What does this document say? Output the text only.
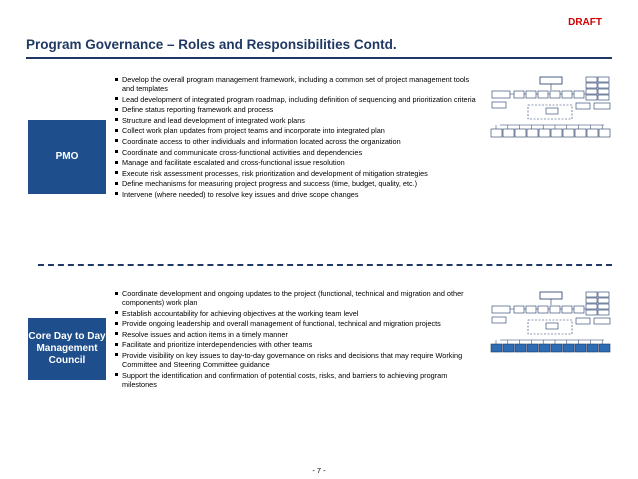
DRAFT
Program Governance – Roles and Responsibilities Contd.
PMO
Develop the overall program management framework, including a common set of project management tools and templates
Lead development of integrated program roadmap, including definition of sequencing and prioritization criteria
Define status reporting framework and process
Structure and lead development of integrated work plans
Collect work plan updates from project teams and incorporate into integrated plan
Coordinate access to other individuals and information located across the organization
Coordinate and communicate cross-functional activities and dependencies
Manage and facilitate escalated and cross-functional issue resolution
Execute risk assessment processes, risk prioritization and development of mitigation strategies
Define mechanisms for measuring project progress and success (time, budget, quality, etc.)
Intervene (where needed) to resolve key issues and drive scope changes
Core Day to Day Management Council
Coordinate development and ongoing updates to the project (functional, technical and migration and other components) work plan
Establish accountability for achieving objectives at the working team level
Provide ongoing leadership and overall management of functional, technical and migration projects
Resolve issues and action items in a timely manner
Facilitate and prioritize interdependencies with other teams
Provide visibility on key issues to day-to-day governance on risks and decisions that may require Working Committee and Steering Committee guidance
Support the identification and confirmation of potential costs, risks, and barriers to achieving program milestones
- 7 -
